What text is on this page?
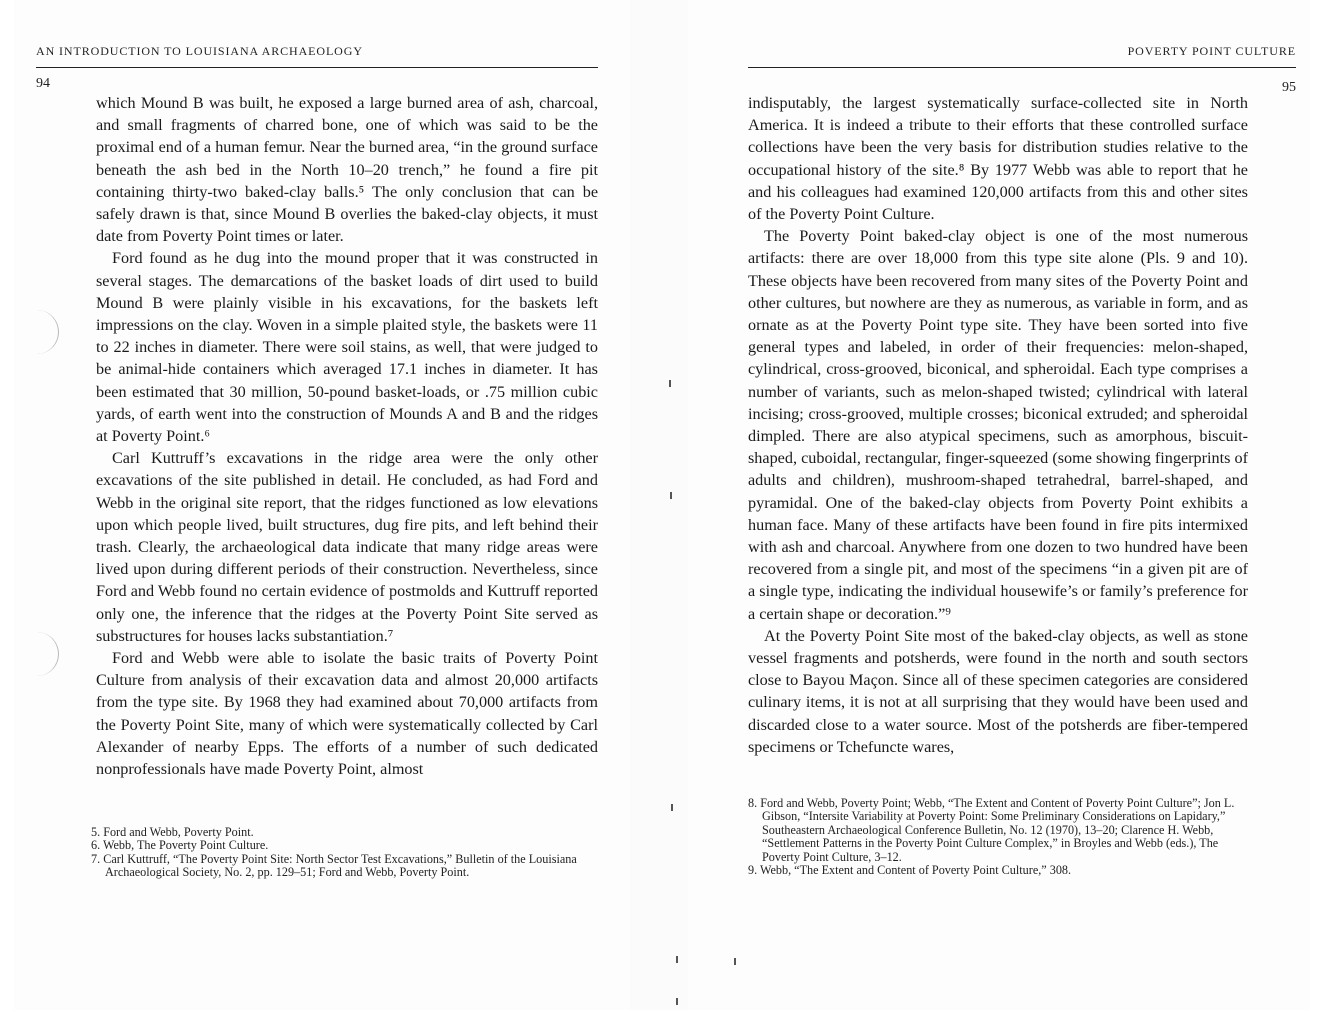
AN INTRODUCTION TO LOUISIANA ARCHAEOLOGY
94

which Mound B was built, he exposed a large burned area of ash, charcoal, and small fragments of charred bone, one of which was said to be the proximal end of a human femur. Near the burned area, “in the ground surface beneath the ash bed in the North 10–20 trench,” he found a fire pit containing thirty-two baked-clay balls.⁵ The only conclusion that can be safely drawn is that, since Mound B overlies the baked-clay objects, it must date from Poverty Point times or later.

Ford found as he dug into the mound proper that it was constructed in several stages. The demarcations of the basket loads of dirt used to build Mound B were plainly visible in his excavations, for the baskets left impressions on the clay. Woven in a simple plaited style, the baskets were 11 to 22 inches in diameter. There were soil stains, as well, that were judged to be animal-hide containers which averaged 17.1 inches in diameter. It has been estimated that 30 million, 50-pound basket-loads, or .75 million cubic yards, of earth went into the construction of Mounds A and B and the ridges at Poverty Point.⁶

Carl Kuttruff’s excavations in the ridge area were the only other excavations of the site published in detail. He concluded, as had Ford and Webb in the original site report, that the ridges functioned as low elevations upon which people lived, built structures, dug fire pits, and left behind their trash. Clearly, the archaeological data indicate that many ridge areas were lived upon during different periods of their construction. Nevertheless, since Ford and Webb found no certain evidence of postmolds and Kuttruff reported only one, the inference that the ridges at the Poverty Point Site served as substructures for houses lacks substantiation.⁷

Ford and Webb were able to isolate the basic traits of Poverty Point Culture from analysis of their excavation data and almost 20,000 artifacts from the type site. By 1968 they had examined about 70,000 artifacts from the Poverty Point Site, many of which were systematically collected by Carl Alexander of nearby Epps. The efforts of a number of such dedicated nonprofessionals have made Poverty Point, almost

5. Ford and Webb, Poverty Point.

6. Webb, The Poverty Point Culture.

7. Carl Kuttruff, “The Poverty Point Site: North Sector Test Excavations,” Bulletin of the Louisiana Archaeological Society, No. 2, pp. 129–51; Ford and Webb, Poverty Point.

POVERTY POINT CULTURE
95

indisputably, the largest systematically surface-collected site in North America. It is indeed a tribute to their efforts that these controlled surface collections have been the very basis for distribution studies relative to the occupational history of the site.⁸ By 1977 Webb was able to report that he and his colleagues had examined 120,000 artifacts from this and other sites of the Poverty Point Culture.

The Poverty Point baked-clay object is one of the most numerous artifacts: there are over 18,000 from this type site alone (Pls. 9 and 10). These objects have been recovered from many sites of the Poverty Point and other cultures, but nowhere are they as numerous, as variable in form, and as ornate as at the Poverty Point type site. They have been sorted into five general types and labeled, in order of their frequencies: melon-shaped, cylindrical, cross-grooved, biconical, and spheroidal. Each type comprises a number of variants, such as melon-shaped twisted; cylindrical with lateral incising; cross-grooved, multiple crosses; biconical extruded; and spheroidal dimpled. There are also atypical specimens, such as amorphous, biscuit-shaped, cuboidal, rectangular, finger-squeezed (some showing fingerprints of adults and children), mushroom-shaped tetrahedral, barrel-shaped, and pyramidal. One of the baked-clay objects from Poverty Point exhibits a human face. Many of these artifacts have been found in fire pits intermixed with ash and charcoal. Anywhere from one dozen to two hundred have been recovered from a single pit, and most of the specimens “in a given pit are of a single type, indicating the individual housewife’s or family’s preference for a certain shape or decoration.”⁹

At the Poverty Point Site most of the baked-clay objects, as well as stone vessel fragments and potsherds, were found in the north and south sectors close to Bayou Maçon. Since all of these specimen categories are considered culinary items, it is not at all surprising that they would have been used and discarded close to a water source. Most of the potsherds are fiber-tempered specimens or Tchefuncte wares,

8. Ford and Webb, Poverty Point; Webb, “The Extent and Content of Poverty Point Culture”; Jon L. Gibson, “Intersite Variability at Poverty Point: Some Preliminary Considerations on Lapidary,” Southeastern Archaeological Conference Bulletin, No. 12 (1970), 13–20; Clarence H. Webb, “Settlement Patterns in the Poverty Point Culture Complex,” in Broyles and Webb (eds.), The Poverty Point Culture, 3–12.

9. Webb, “The Extent and Content of Poverty Point Culture,” 308.
